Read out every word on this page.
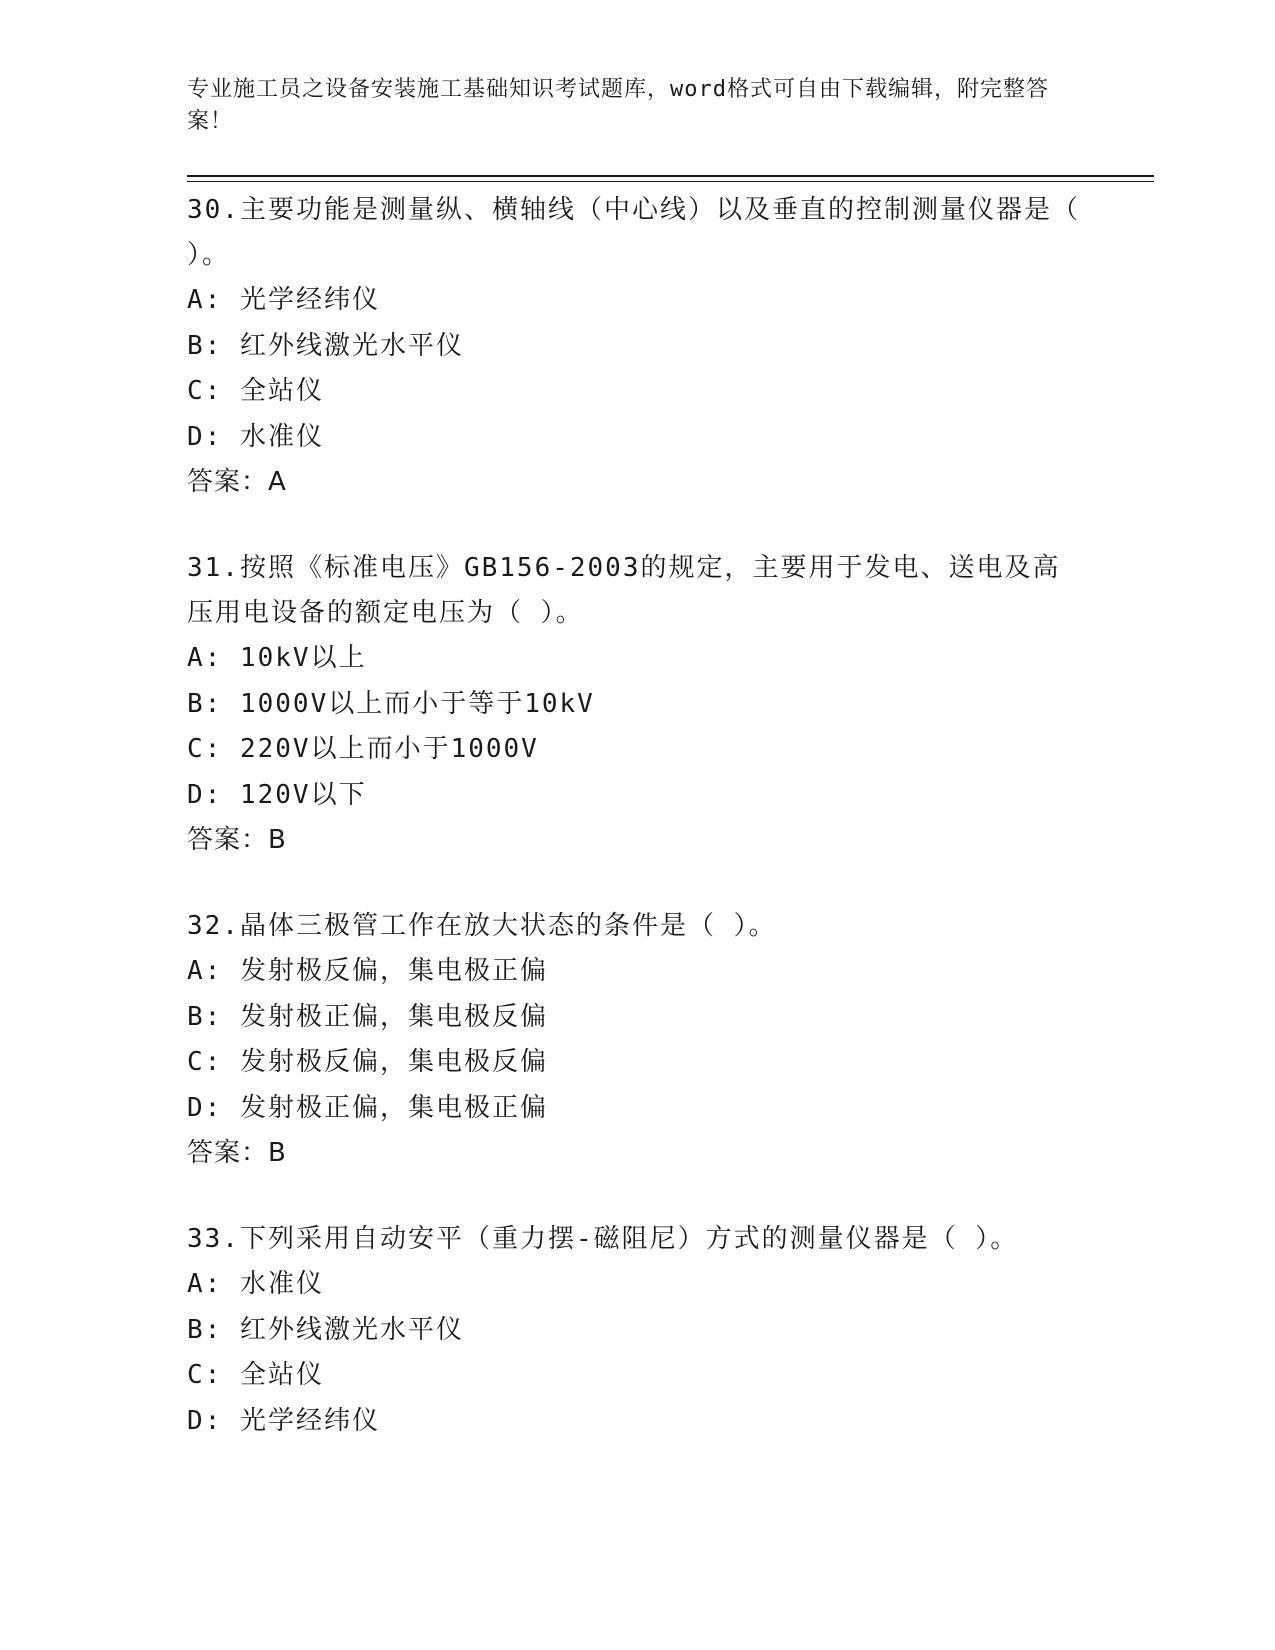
专业施工员之设备安装施工基础知识考试题库，word格式可自由下载编辑，附完整答案！
30.主要功能是测量纵、横轴线（中心线）以及垂直的控制测量仪器是（ ）。
A: 光学经纬仪
B: 红外线激光水平仪
C: 全站仪
D: 水准仪
答案：A
31.按照《标准电压》GB156-2003的规定，主要用于发电、送电及高压用电设备的额定电压为（ ）。
A: 10kV以上
B: 1000V以上而小于等于10kV
C: 220V以上而小于1000V
D: 120V以下
答案：B
32.晶体三极管工作在放大状态的条件是（ ）。
A: 发射极反偏，集电极正偏
B: 发射极正偏，集电极反偏
C: 发射极反偏，集电极反偏
D: 发射极正偏，集电极正偏
答案：B
33.下列采用自动安平（重力摆-磁阻尼）方式的测量仪器是（ ）。
A: 水准仪
B: 红外线激光水平仪
C: 全站仪
D: 光学经纬仪
